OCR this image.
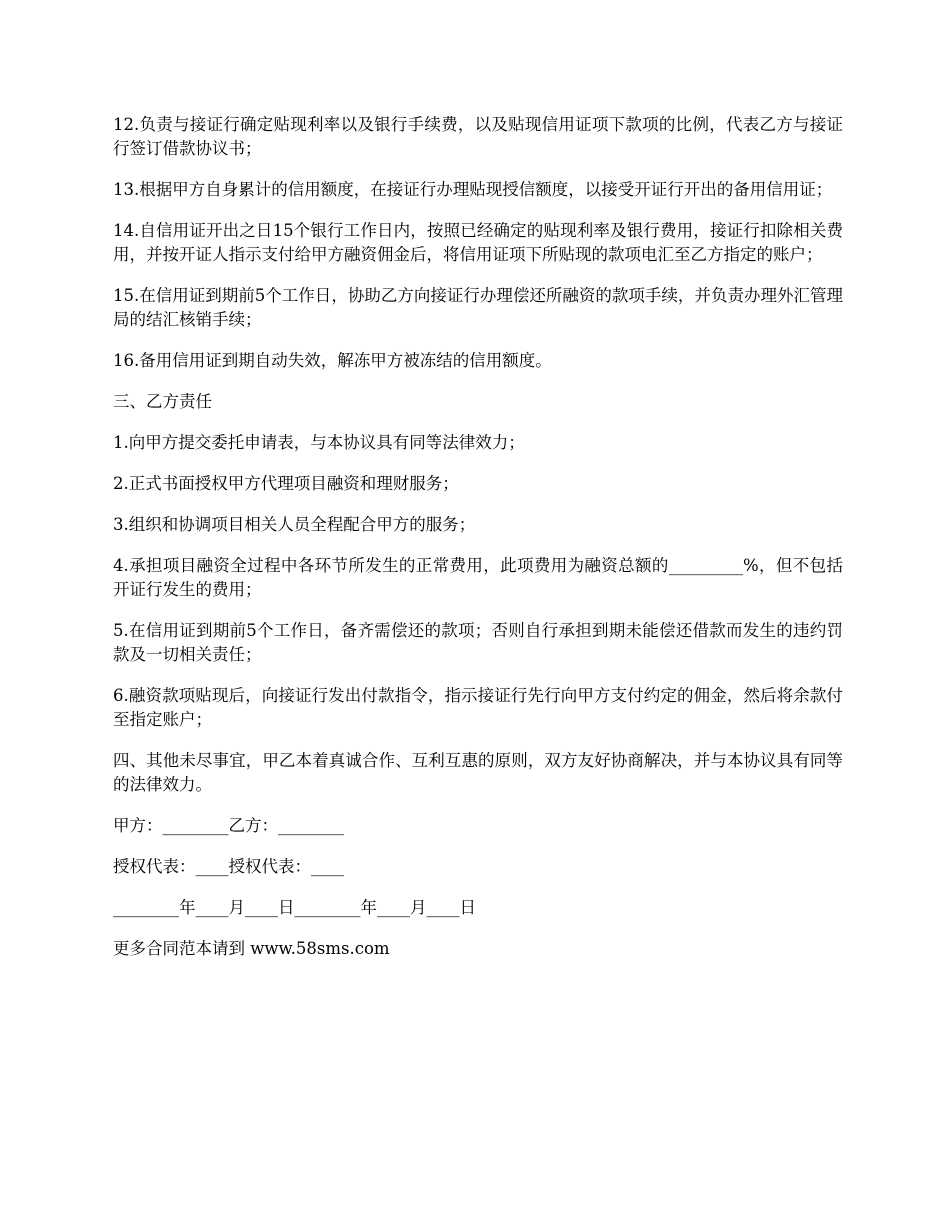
12.负责与接证行确定贴现利率以及银行手续费，以及贴现信用证项下款项的比例，代表乙方与接证行签订借款协议书；

13.根据甲方自身累计的信用额度，在接证行办理贴现授信额度，以接受开证行开出的备用信用证；

14.自信用证开出之日15个银行工作日内，按照已经确定的贴现利率及银行费用，接证行扣除相关费用，并按开证人指示支付给甲方融资佣金后，将信用证项下所贴现的款项电汇至乙方指定的账户；

15.在信用证到期前5个工作日，协助乙方向接证行办理偿还所融资的款项手续，并负责办理外汇管理局的结汇核销手续；

16.备用信用证到期自动失效，解冻甲方被冻结的信用额度。

三、乙方责任

1.向甲方提交委托申请表，与本协议具有同等法律效力；

2.正式书面授权甲方代理项目融资和理财服务；

3.组织和协调项目相关人员全程配合甲方的服务；

4.承担项目融资全过程中各环节所发生的正常费用，此项费用为融资总额的_________%，但不包括开证行发生的费用；

5.在信用证到期前5个工作日，备齐需偿还的款项；否则自行承担到期未能偿还借款而发生的违约罚款及一切相关责任；

6.融资款项贴现后，向接证行发出付款指令，指示接证行先行向甲方支付约定的佣金，然后将余款付至指定账户；

四、其他未尽事宜，甲乙本着真诚合作、互利互惠的原则，双方友好协商解决，并与本协议具有同等的法律效力。

甲方：________乙方：________

授权代表：____授权代表：____

________年____月____日________年____月____日

更多合同范本请到 www.58sms.com
